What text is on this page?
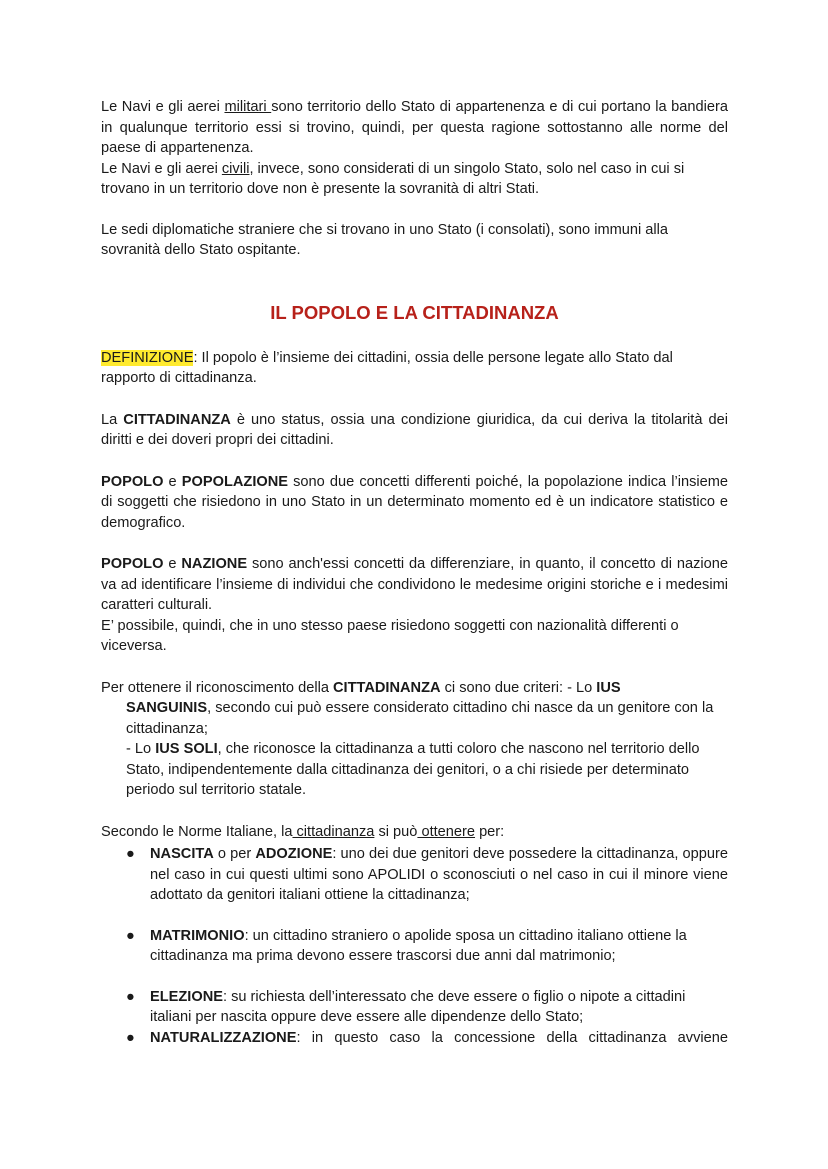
Le Navi e gli aerei militari sono territorio dello Stato di appartenenza e di cui portano la bandiera in qualunque territorio essi si trovino, quindi, per questa ragione sottostanno alle norme del paese di appartenenza.

Le Navi e gli aerei civili, invece, sono considerati di un singolo Stato, solo nel caso in cui si trovano in un territorio dove non è presente la sovranità di altri Stati.

Le sedi diplomatiche straniere che si trovano in uno Stato (i consolati), sono immuni alla sovranità dello Stato ospitante.

IL POPOLO E LA CITTADINANZA

DEFINIZIONE: Il popolo è l’insieme dei cittadini, ossia delle persone legate allo Stato dal rapporto di cittadinanza.

La CITTADINANZA è uno status, ossia una condizione giuridica, da cui deriva la titolarità dei diritti e dei doveri propri dei cittadini.

POPOLO e POPOLAZIONE sono due concetti differenti poiché, la popolazione indica l’insieme di soggetti che risiedono in uno Stato in un determinato momento ed è un indicatore statistico e demografico.

POPOLO e NAZIONE sono anch'essi concetti da differenziare, in quanto, il concetto di nazione va ad identificare l’insieme di individui che condividono le medesime origini storiche e i medesimi caratteri culturali.

E’ possibile, quindi, che in uno stesso paese risiedono soggetti con nazionalità differenti o viceversa.

Per ottenere il riconoscimento della CITTADINANZA ci sono due criteri: - Lo IUS

SANGUINIS, secondo cui può essere considerato cittadino chi nasce da un genitore con la cittadinanza;

- Lo IUS SOLI, che riconosce la cittadinanza a tutti coloro che nascono nel territorio dello Stato, indipendentemente dalla cittadinanza dei genitori, o a chi risiede per determinato periodo sul territorio statale.

Secondo le Norme Italiane, la cittadinanza si può ottenere per:

● NASCITA o per ADOZIONE: uno dei due genitori deve possedere la cittadinanza, oppure nel caso in cui questi ultimi sono APOLIDI o sconosciuti o nel caso in cui il minore viene adottato da genitori italiani ottiene la cittadinanza;

● MATRIMONIO: un cittadino straniero o apolide sposa un cittadino italiano ottiene la cittadinanza ma prima devono essere trascorsi due anni dal matrimonio;

● ELEZIONE: su richiesta dell’interessato che deve essere o figlio o nipote a cittadini italiani per nascita oppure deve essere alle dipendenze dello Stato;

● NATURALIZZAZIONE: in questo caso la concessione della cittadinanza avviene
